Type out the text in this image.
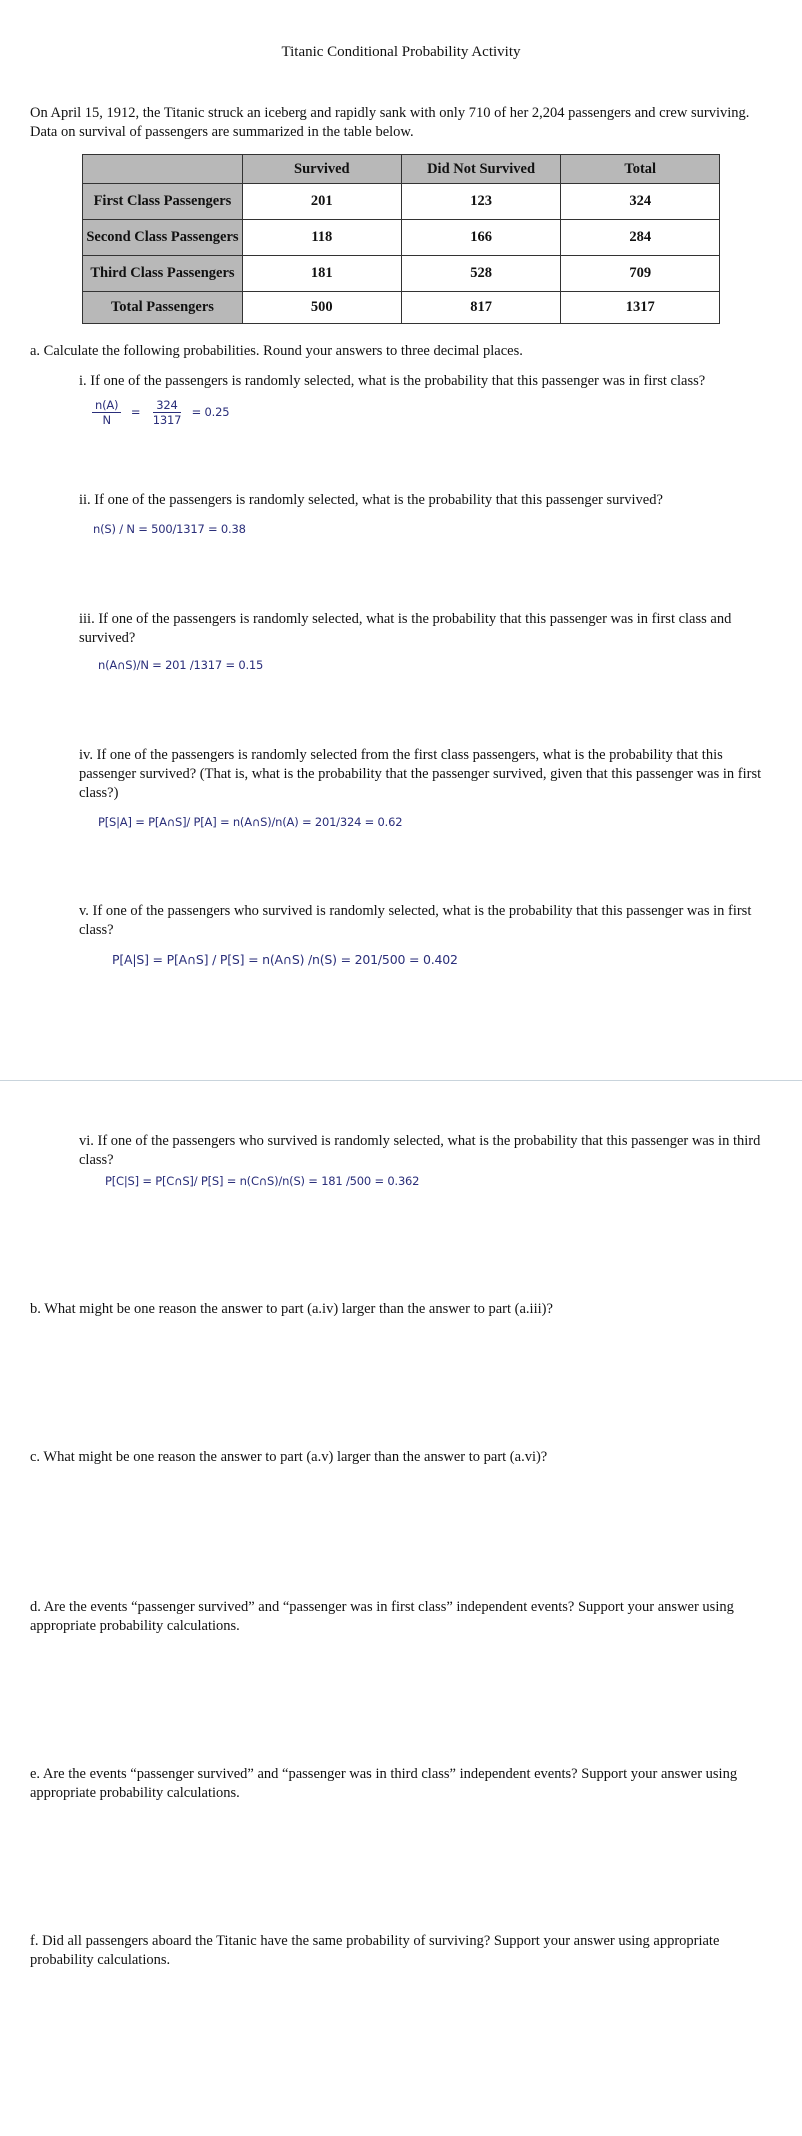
Titanic Conditional Probability Activity
On April 15, 1912, the Titanic struck an iceberg and rapidly sank with only 710 of her 2,204 passengers and crew surviving. Data on survival of passengers are summarized in the table below.
	Survived	Did Not Survived	Total
First Class Passengers	201	123	324
Second Class Passengers	118	166	284
Third Class Passengers	181	528	709
Total Passengers	500	817	1317
a. Calculate the following probabilities. Round your answers to three decimal places.
i. If one of the passengers is randomly selected, what is the probability that this passenger was in first class?
$\frac{n(A)}{N} = \frac{324}{1317} = 0.25$
ii. If one of the passengers is randomly selected, what is the probability that this passenger survived?
n(S) / N = 500/1317 = 0.38
iii. If one of the passengers is randomly selected, what is the probability that this passenger was in first class and survived?
n(A∩S)/N = 201 /1317 = 0.15
iv. If one of the passengers is randomly selected from the first class passengers, what is the probability that this passenger survived? (That is, what is the probability that the passenger survived, given that this passenger was in first class?)
P[S|A] = P[A∩S]/ P[A] = n(A∩S)/n(A) = 201/324 = 0.62
v. If one of the passengers who survived is randomly selected, what is the probability that this passenger was in first class?
P[A|S] = P[A∩S] / P[S] = n(A∩S) /n(S) = 201/500 = 0.402
vi. If one of the passengers who survived is randomly selected, what is the probability that this passenger was in third class?
P[C|S] = P[C∩S]/ P[S] = n(C∩S)/n(S) = 181 /500 = 0.362
b. What might be one reason the answer to part (a.iv) larger than the answer to part (a.iii)?
c. What might be one reason the answer to part (a.v) larger than the answer to part (a.vi)?
d. Are the events “passenger survived” and “passenger was in first class” independent events? Support your answer using appropriate probability calculations.
e. Are the events “passenger survived” and “passenger was in third class” independent events? Support your answer using appropriate probability calculations.
f. Did all passengers aboard the Titanic have the same probability of surviving? Support your answer using appropriate probability calculations.
